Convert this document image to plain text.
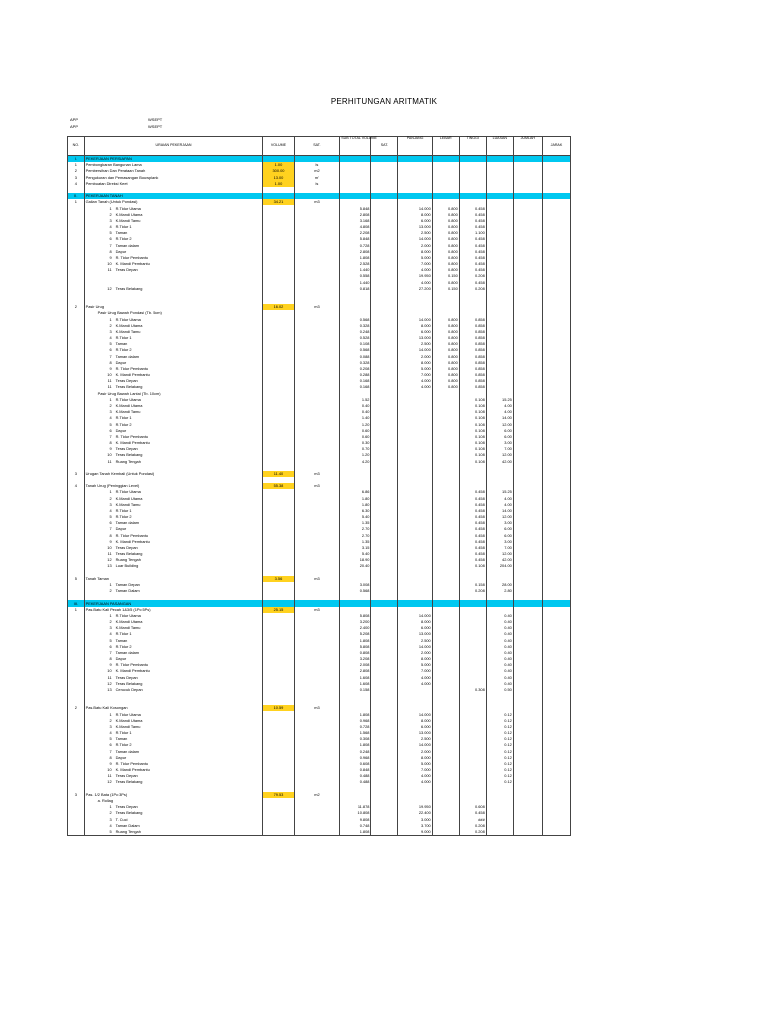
PERHITUNGAN ARITMATIK
APP	WSEPT
APP	WSEPT
NO.	URAIAN PEKERJAAN	VOLUME	SAT.	SUB TOTAL VOLUME	SAT.	PANJANG	LEBAR	TINGGI	LUASAN	JUMLAH	JARAK
I.	PEKERJAAN PERSIAPAN										
1	Pembongkaran Bangunan Lama	1.00	ls								
2	Pembersihan Dan Perataan Tanah	300.00	m2								
3	Pengukuran dan Pemasangan Bouwplank	13.00	m'								
4	Pembuatan Direksi Keet	1.00	ls								

II.	PEKERJAAN TANAH										
1	Galian Tanah (Untuk Pondasi)	34.21	m3								
	1 R.Tidur Utama			5.848		14.000	0.800	0.458			
	2 K.Mandi Utama			2.808		8.000	0.800	0.458			
	3 K.Mandi Tamu			3.168		6.000	0.800	0.458			
	4 R.Tidur 1			4.808		13.000	0.800	0.458			
	5 Taman			2.208		2.500	0.800	1.100			
	6 R.Tidur 2			5.848		14.000	0.800	0.458			
	7 Taman dalam			0.728		2.000	0.800	0.458			
	8 Dapur			2.808		8.000	0.800	0.458			
	9 R. Tidur Pembantu			1.808		5.000	0.800	0.458			
	10 K. Mandi Pembantu			2.528		7.000	0.800	0.458			
	11 Teras Depan			1.440		4.000	0.800	0.458			
				0.558		19.950	0.150	0.208			
				1.440		4.000	0.800	0.458			
	12 Teras Belakang			0.818		27.200	0.150	0.208			

2	Pasir Urug	16.02	m3								
	Pasir Urug Bawah Pondasi (Tb. 5cm)										
	1 R.Tidur Utama			0.568		14.000	0.800	0.858			
	2 K.Mandi Utama			0.328		8.000	0.800	0.858			
	3 K.Mandi Tamu			0.248		6.000	0.800	0.858			
	4 R.Tidur 1			0.528		13.000	0.800	0.858			
	5 Taman			0.108		2.500	0.800	0.858			
	6 R.Tidur 2			0.568		14.000	0.800	0.858			
	7 Taman dalam			0.088		2.000	0.800	0.858			
	8 Dapur			0.328		8.000	0.800	0.858			
	9 R. Tidur Pembantu			0.208		5.000	0.800	0.858			
	10 K. Mandi Pembantu			0.288		7.000	0.800	0.858			
	11 Teras Depan			0.168		4.000	0.800	0.858			
	11 Teras Belakang			0.168		4.000	0.800	0.858			
	Pasir Urug Bawah Lantai (Tb. 10cm)										
	1 R.Tidur Utama			1.52				0.108	15.25		
	2 K.Mandi Utama			0.40				0.108	4.00		
	3 K.Mandi Tamu			0.40				0.108	4.00		
	4 R.Tidur 1			1.40				0.108	14.00		
	5 R.Tidur 2			1.20				0.108	12.00		
	6 Dapur			0.60				0.108	6.00		
	7 R. Tidur Pembantu			0.60				0.108	6.00		
	8 K. Mandi Pembantu			0.30				0.108	3.00		
	9 Teras Depan			0.70				0.108	7.00		
	10 Teras Belakang			1.20				0.108	12.00		
	11 Ruang Tengah			4.20				0.108	42.00		

3	Urugan Tanah Kembali (Untuk Pondasi)	11.40	m3								

4	Tanah Urug (Peninggian Level)	55.38	m3								
	1 R.Tidur Utama			6.86				0.458	15.25		
	2 K.Mandi Utama			1.80				0.458	4.00		
	3 K.Mandi Tamu			1.80				0.458	4.00		
	4 R.Tidur 1			6.30				0.458	14.00		
	5 R.Tidur 2			5.40				0.458	12.00		
	6 Taman dalam			1.35				0.458	3.00		
	7 Dapur			2.70				0.458	6.00		
	8 R. Tidur Pembantu			2.70				0.458	6.00		
	9 K. Mandi Pembantu			1.35				0.458	3.00		
	10 Teras Depan			3.15				0.458	7.00		
	11 Teras Belakang			5.40				0.458	12.00		
	12 Ruang Tengah			18.90				0.458	42.00		
	13 Luar Building			20.40				0.108	204.00		

5	Tanah Taman	3.56	m3								
	1 Taman Depan			3.008				0.158	28.00		
	2 Taman Dalam			0.568				0.208	2.80		

III.	PEKERJAAN PASANGAN										
1	Pas.Batu Kali Pecah 1&3/5 (1Pc:5Ps)	25.15	m3								
	1 R.Tidur Utama			5.808		14.000			0.40		
	2 K.Mandi Utama			3.200		8.000			0.40		
	3 K.Mandi Tamu			2.400		6.000			0.40		
	4 R.Tidur 1			5.208		13.000			0.40		
	5 Taman			1.808		2.500			0.40		
	6 R.Tidur 2			5.808		14.000			0.40		
	7 Taman dalam			0.808		2.000			0.40		
	8 Dapur			3.208		8.000			0.40		
	9 R. Tidur Pembantu			2.008		5.000			0.40		
	10 K. Mandi Pembantu			2.808		7.000			0.40		
	11 Teras Depan			1.608		4.000			0.40		
	12 Teras Belakang			1.608		4.000			0.40		
	13 Cerucuk Depan			0.158				0.308	0.50		

2	Pas.Batu Kali Kosongan	10.59	m3								
	1 R.Tidur Utama			1.808		14.000			0.12		
	2 K.Mandi Utama			0.968		8.000			0.12		
	3 K.Mandi Tamu			0.728		6.000			0.12		
	4 R.Tidur 1			1.568		13.000			0.12		
	5 Taman			0.308		2.500			0.12		
	6 R.Tidur 2			1.808		14.000			0.12		
	7 Taman dalam			0.248		2.000			0.12		
	8 Dapur			0.968		8.000			0.12		
	9 R. Tidur Pembantu			0.608		5.000			0.12		
	10 K. Mandi Pembantu			0.848		7.000			0.12		
	11 Teras Depan			0.488		4.000			0.12		
	12 Teras Belakang			0.488		4.000			0.12		

3	Pas. 1/2 Bata (1Pc:3Ps)	79.53	m2								
	a. Rollag										
	1 Teras Depan			11.878		19.950		0.608			
	2 Teras Belakang			10.808		22.400		0.458			
	3 T. Cuci			9.808		3.000		###			
	4 Taman Dalam			0.748		3.700		0.208			
	5 Ruang Tengah			1.808		9.000		0.208			
